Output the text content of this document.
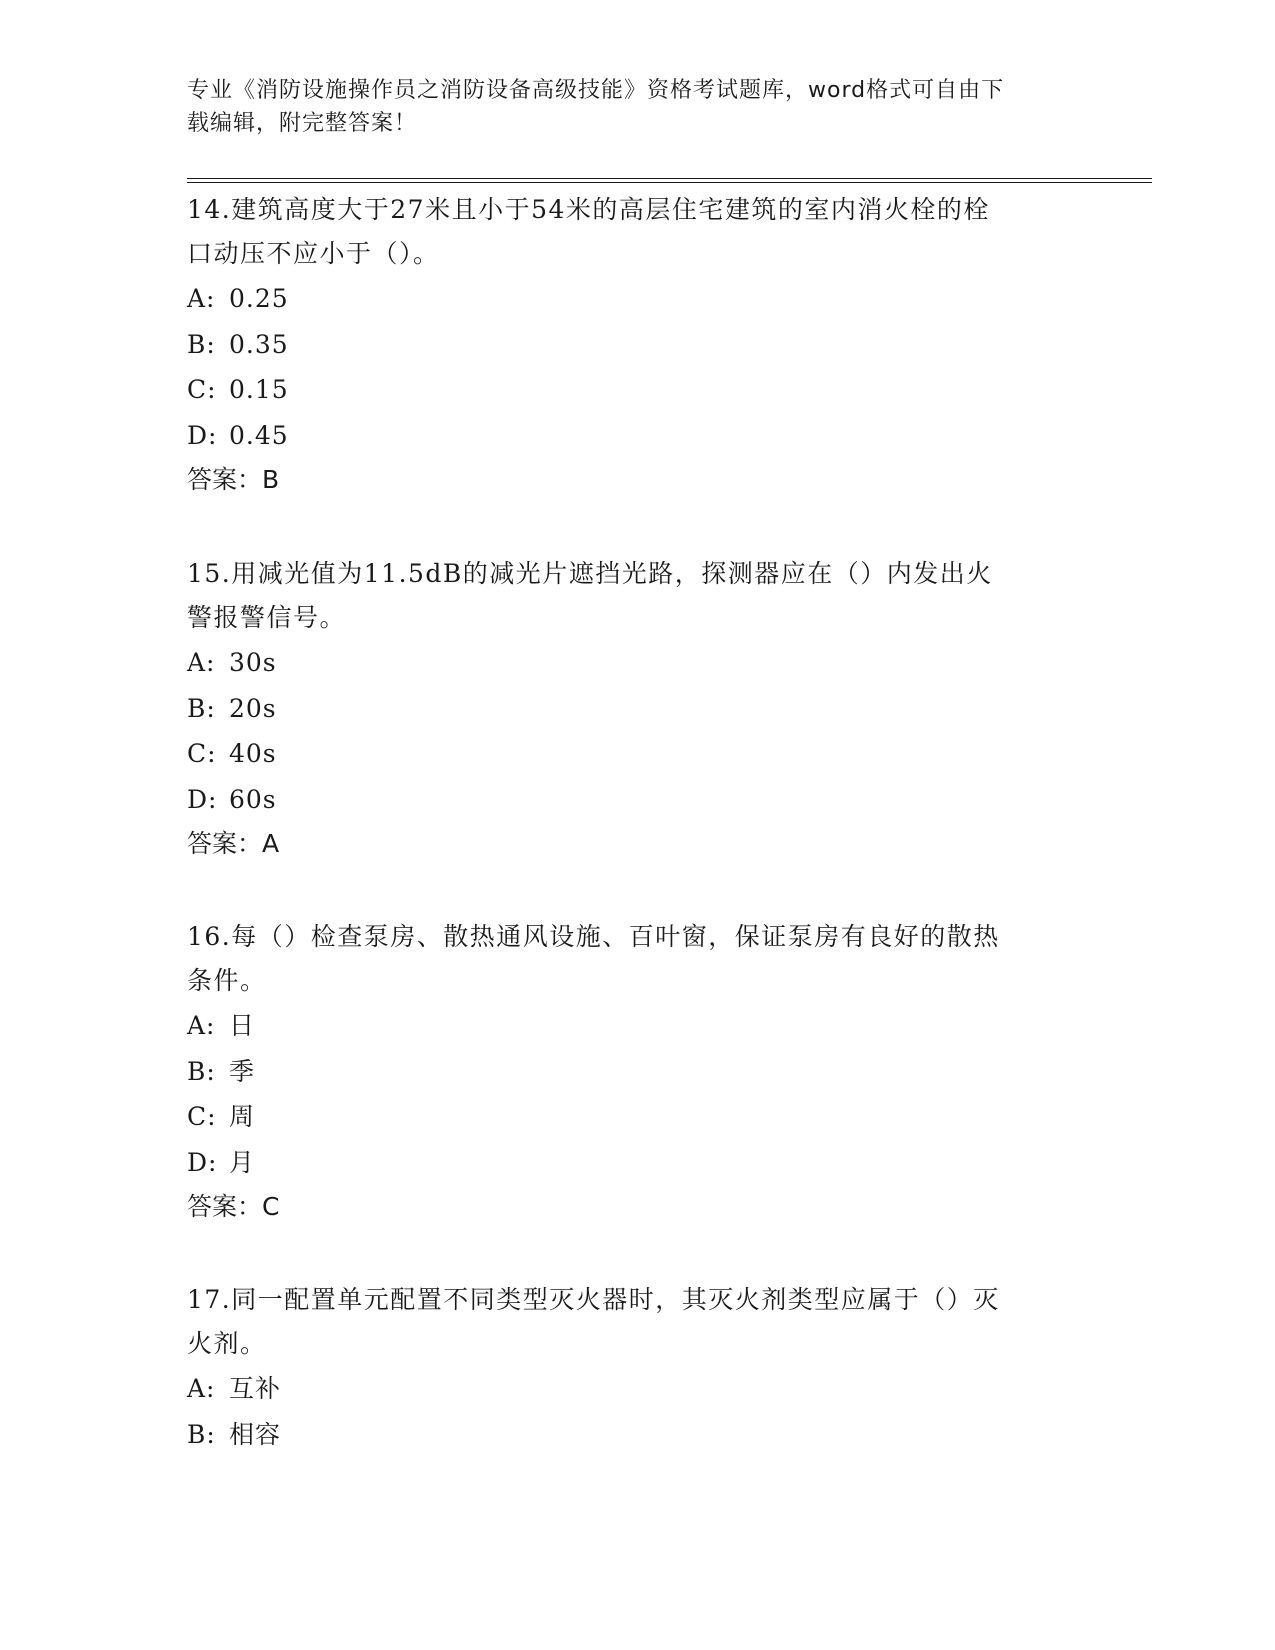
专业《消防设施操作员之消防设备高级技能》资格考试题库，word格式可自由下
载编辑，附完整答案！

14.建筑高度大于27米且小于54米的高层住宅建筑的室内消火栓的栓
口动压不应小于（）。

A: 0.25

B: 0.35

C: 0.15

D: 0.45

答案：B

15.用减光值为11.5dB的减光片遮挡光路，探测器应在（）内发出火
警报警信号。

A: 30s

B: 20s

C: 40s

D: 60s

答案：A

16.每（）检查泵房、散热通风设施、百叶窗，保证泵房有良好的散热
条件。

A: 日

B: 季

C: 周

D: 月

答案：C

17.同一配置单元配置不同类型灭火器时，其灭火剂类型应属于（）灭
火剂。

A: 互补

B: 相容
